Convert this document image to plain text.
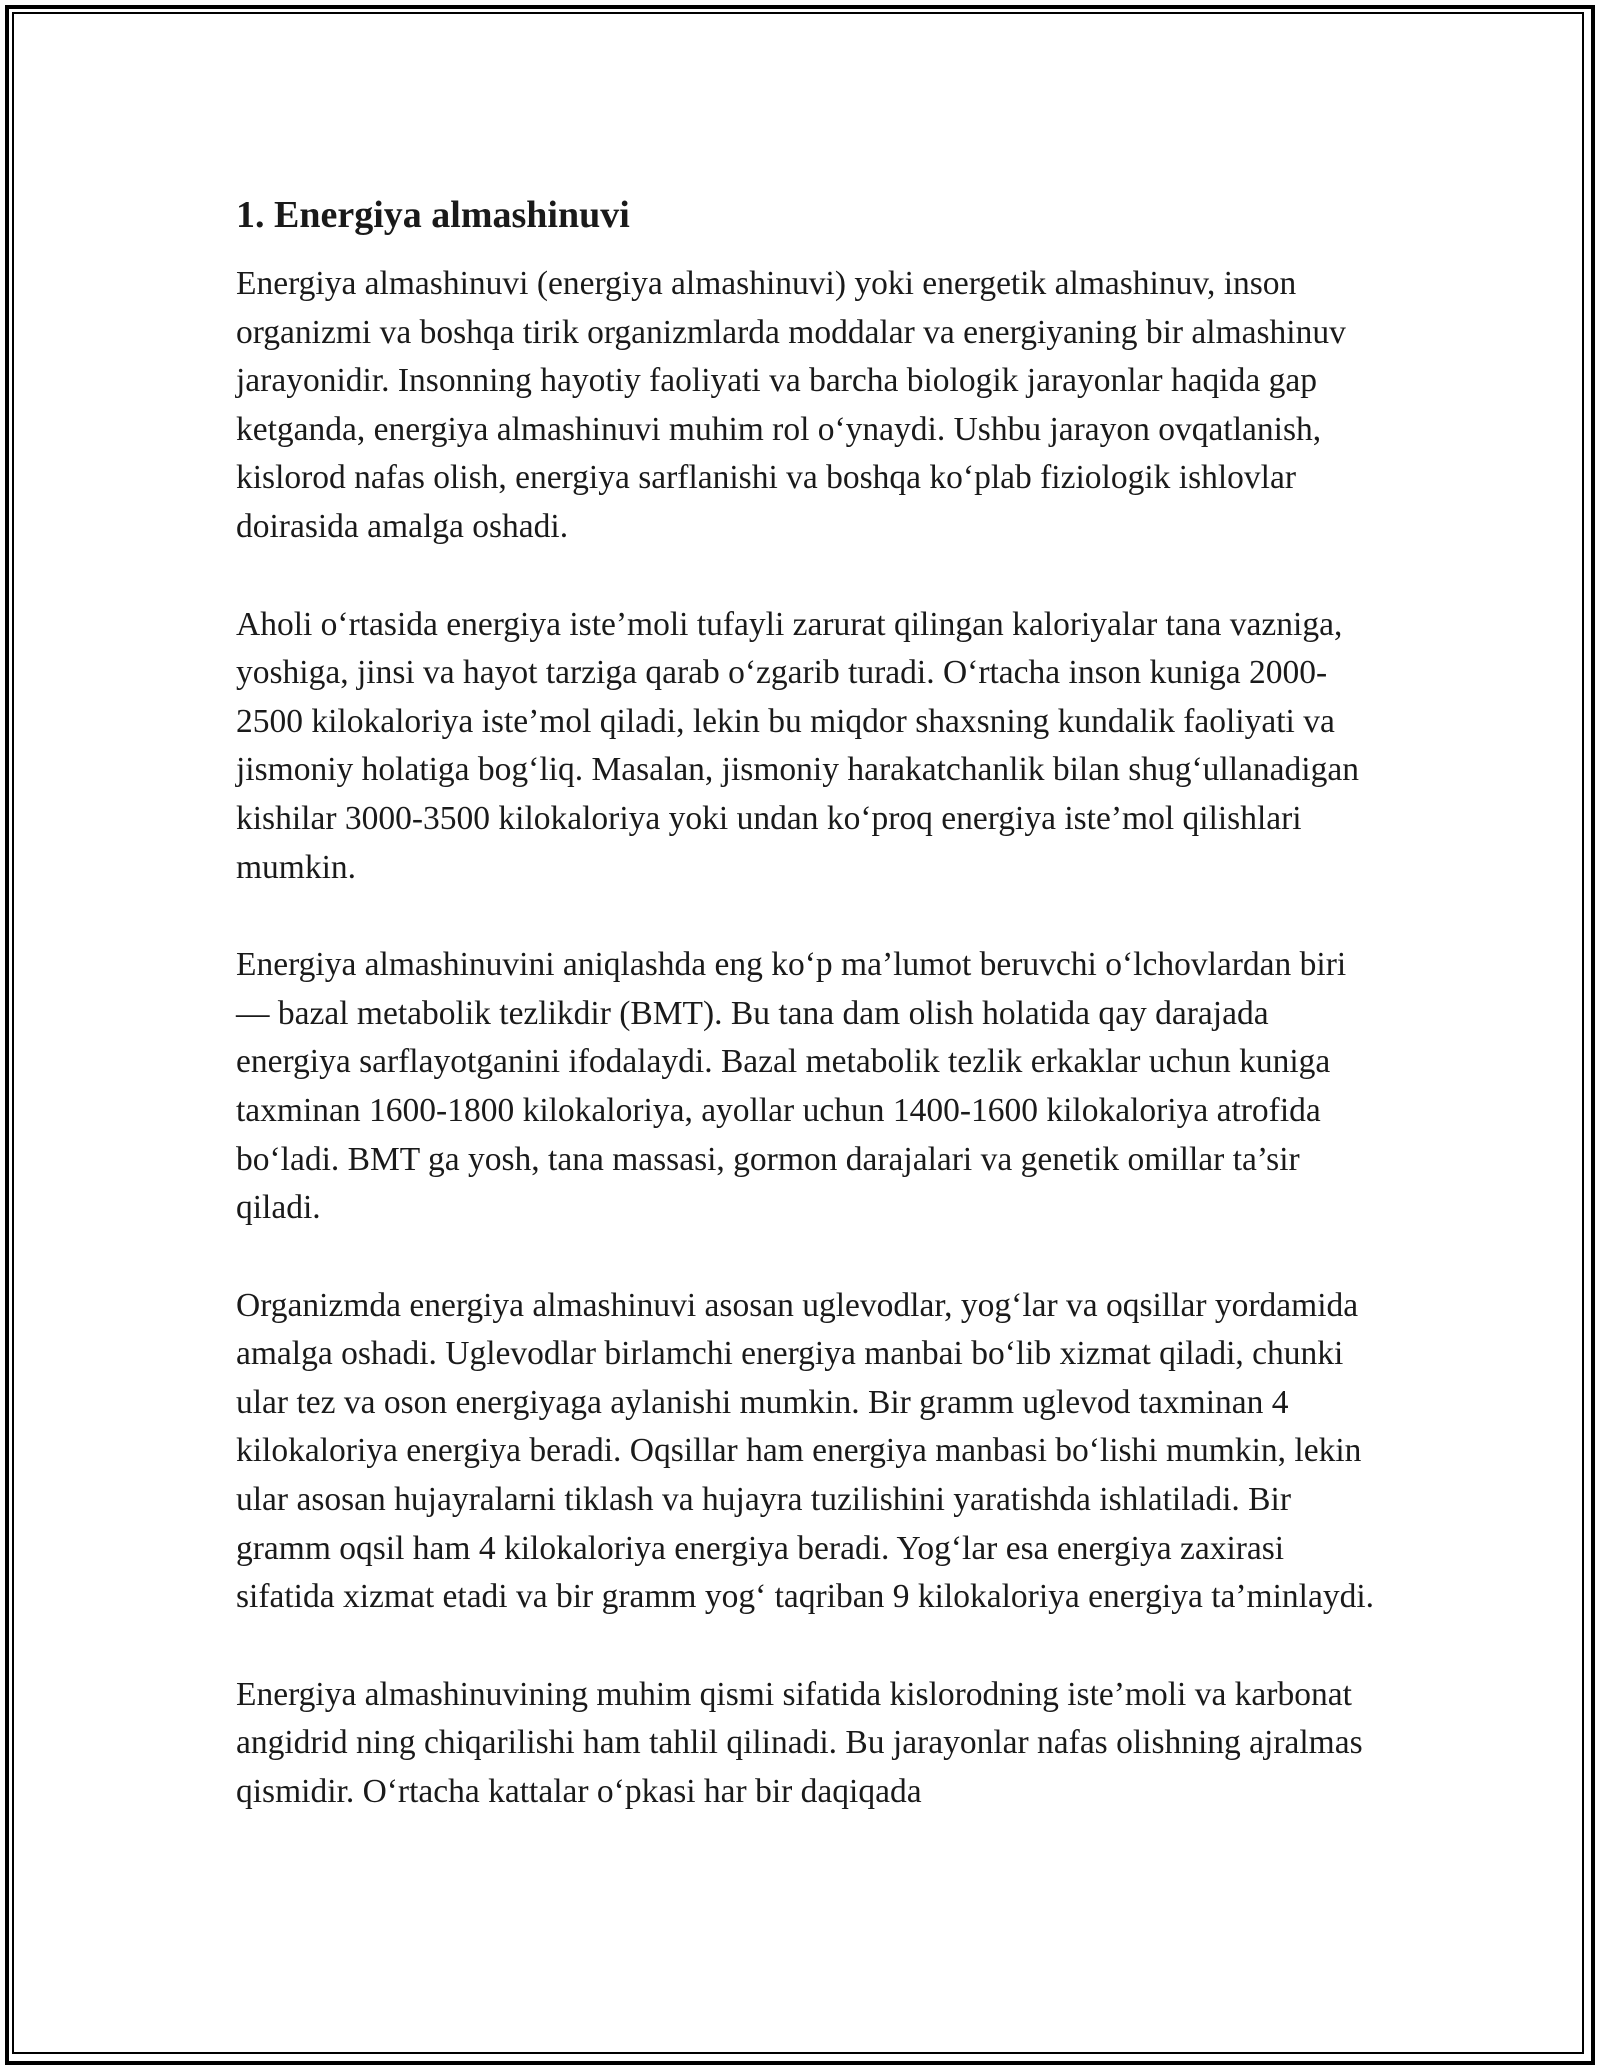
1. Energiya almashinuvi

Energiya almashinuvi (energiya almashinuvi) yoki energetik almashinuv, inson organizmi va boshqa tirik organizmlarda moddalar va energiyaning bir almashinuv jarayonidir. Insonning hayotiy faoliyati va barcha biologik jarayonlar haqida gap ketganda, energiya almashinuvi muhim rol o‘ynaydi. Ushbu jarayon ovqatlanish, kislorod nafas olish, energiya sarflanishi va boshqa ko‘plab fiziologik ishlovlar doirasida amalga oshadi.

Aholi o‘rtasida energiya iste’moli tufayli zarurat qilingan kaloriyalar tana vazniga, yoshiga, jinsi va hayot tarziga qarab o‘zgarib turadi. O‘rtacha inson kuniga 2000-2500 kilokaloriya iste’mol qiladi, lekin bu miqdor shaxsning kundalik faoliyati va jismoniy holatiga bog‘liq. Masalan, jismoniy harakatchanlik bilan shug‘ullanadigan kishilar 3000-3500 kilokaloriya yoki undan ko‘proq energiya iste’mol qilishlari mumkin.

Energiya almashinuvini aniqlashda eng ko‘p ma’lumot beruvchi o‘lchovlardan biri — bazal metabolik tezlikdir (BMT). Bu tana dam olish holatida qay darajada energiya sarflayotganini ifodalaydi. Bazal metabolik tezlik erkaklar uchun kuniga taxminan 1600-1800 kilokaloriya, ayollar uchun 1400-1600 kilokaloriya atrofida bo‘ladi. BMT ga yosh, tana massasi, gormon darajalari va genetik omillar ta’sir qiladi.

Organizmda energiya almashinuvi asosan uglevodlar, yog‘lar va oqsillar yordamida amalga oshadi. Uglevodlar birlamchi energiya manbai bo‘lib xizmat qiladi, chunki ular tez va oson energiyaga aylanishi mumkin. Bir gramm uglevod taxminan 4 kilokaloriya energiya beradi. Oqsillar ham energiya manbasi bo‘lishi mumkin, lekin ular asosan hujayralarni tiklash va hujayra tuzilishini yaratishda ishlatiladi. Bir gramm oqsil ham 4 kilokaloriya energiya beradi. Yog‘lar esa energiya zaxirasi sifatida xizmat etadi va bir gramm yog‘ taqriban 9 kilokaloriya energiya ta’minlaydi.

Energiya almashinuvining muhim qismi sifatida kislorodning iste’moli va karbonat angidrid ning chiqarilishi ham tahlil qilinadi. Bu jarayonlar nafas olishning ajralmas qismidir. O‘rtacha kattalar o‘pkasi har bir daqiqada
